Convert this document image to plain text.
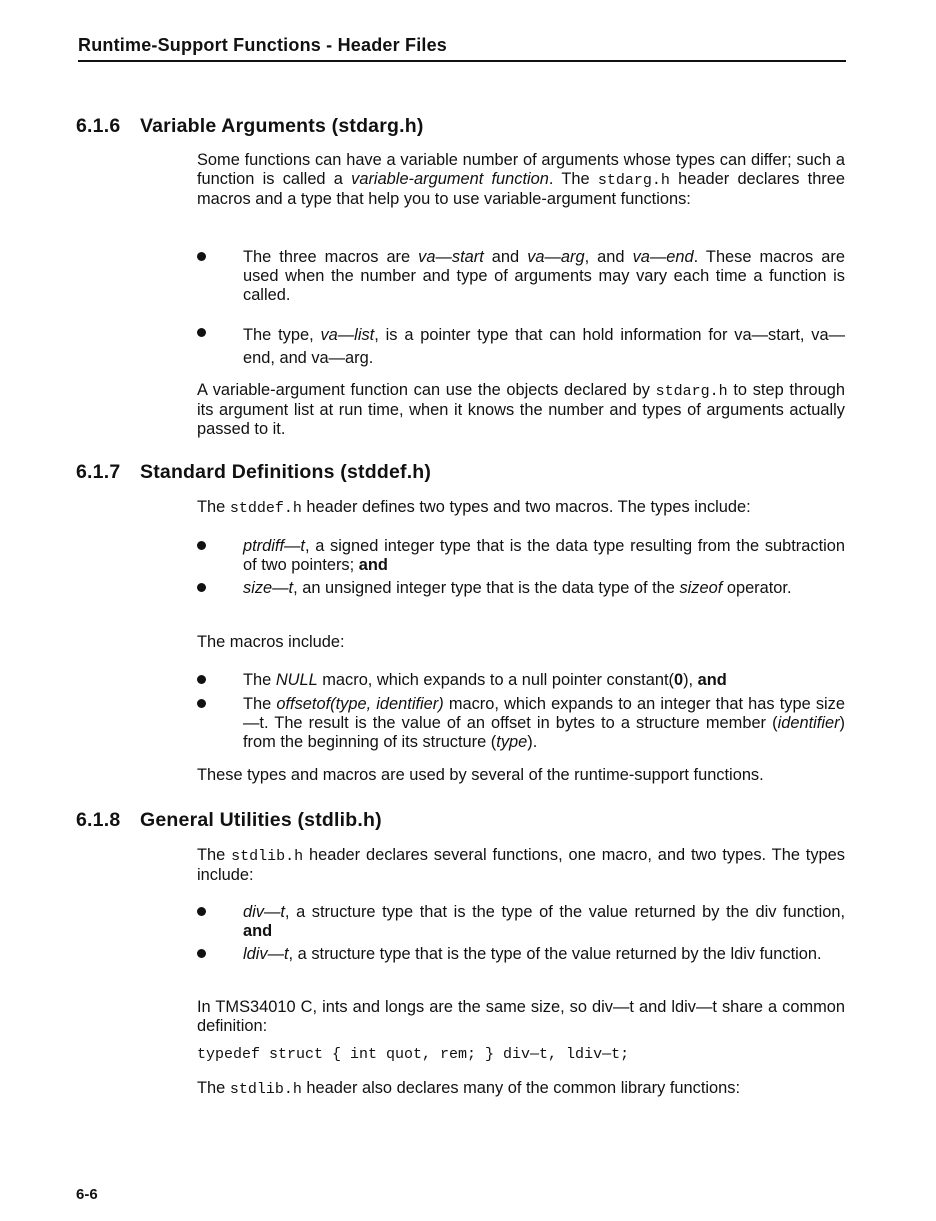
Runtime-Support Functions - Header Files
6.1.6 Variable Arguments (stdarg.h)
Some functions can have a variable number of arguments whose types can differ; such a function is called a variable-argument function. The stdarg.h header declares three macros and a type that help you to use variable-argument functions:
The three macros are va—start and va—arg, and va—end. These macros are used when the number and type of arguments may vary each time a function is called.
The type, va—list, is a pointer type that can hold information for va—start, va—end, and va—arg.
A variable-argument function can use the objects declared by stdarg.h to step through its argument list at run time, when it knows the number and types of arguments actually passed to it.
6.1.7 Standard Definitions (stddef.h)
The stddef.h header defines two types and two macros. The types include:
ptrdiff—t, a signed integer type that is the data type resulting from the subtraction of two pointers; and
size—t, an unsigned integer type that is the data type of the sizeof operator.
The macros include:
The NULL macro, which expands to a null pointer constant(0), and
The offsetof(type, identifier) macro, which expands to an integer that has type size—t. The result is the value of an offset in bytes to a structure member (identifier) from the beginning of its structure (type).
These types and macros are used by several of the runtime-support functions.
6.1.8 General Utilities (stdlib.h)
The stdlib.h header declares several functions, one macro, and two types. The types include:
div—t, a structure type that is the type of the value returned by the div function, and
ldiv—t, a structure type that is the type of the value returned by the ldiv function.
In TMS34010 C, ints and longs are the same size, so div—t and ldiv—t share a common definition:
typedef struct { int quot, rem; } div—t, ldiv—t;
The stdlib.h header also declares many of the common library functions:
6-6
